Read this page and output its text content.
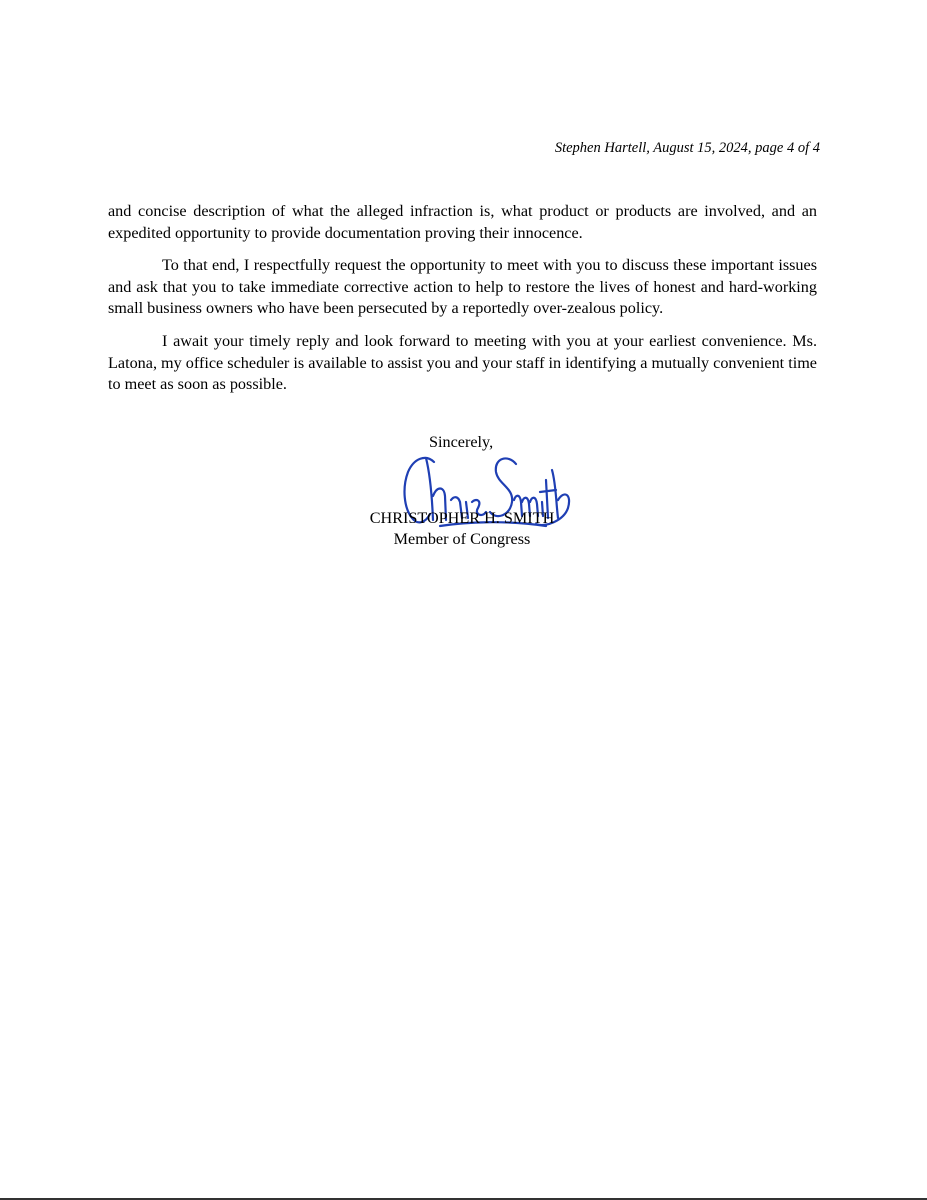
Stephen Hartell, August 15, 2024, page 4 of 4

and concise description of what the alleged infraction is, what product or products are involved, and an expedited opportunity to provide documentation proving their innocence.

To that end, I respectfully request the opportunity to meet with you to discuss these important issues and ask that you to take immediate corrective action to help to restore the lives of honest and hard-working small business owners who have been persecuted by a reportedly over-zealous policy.

I await your timely reply and look forward to meeting with you at your earliest convenience. Ms. Latona, my office scheduler is available to assist you and your staff in identifying a mutually convenient time to meet as soon as possible.

Sincerely,
CHRISTOPHER H. SMITH
Member of Congress
